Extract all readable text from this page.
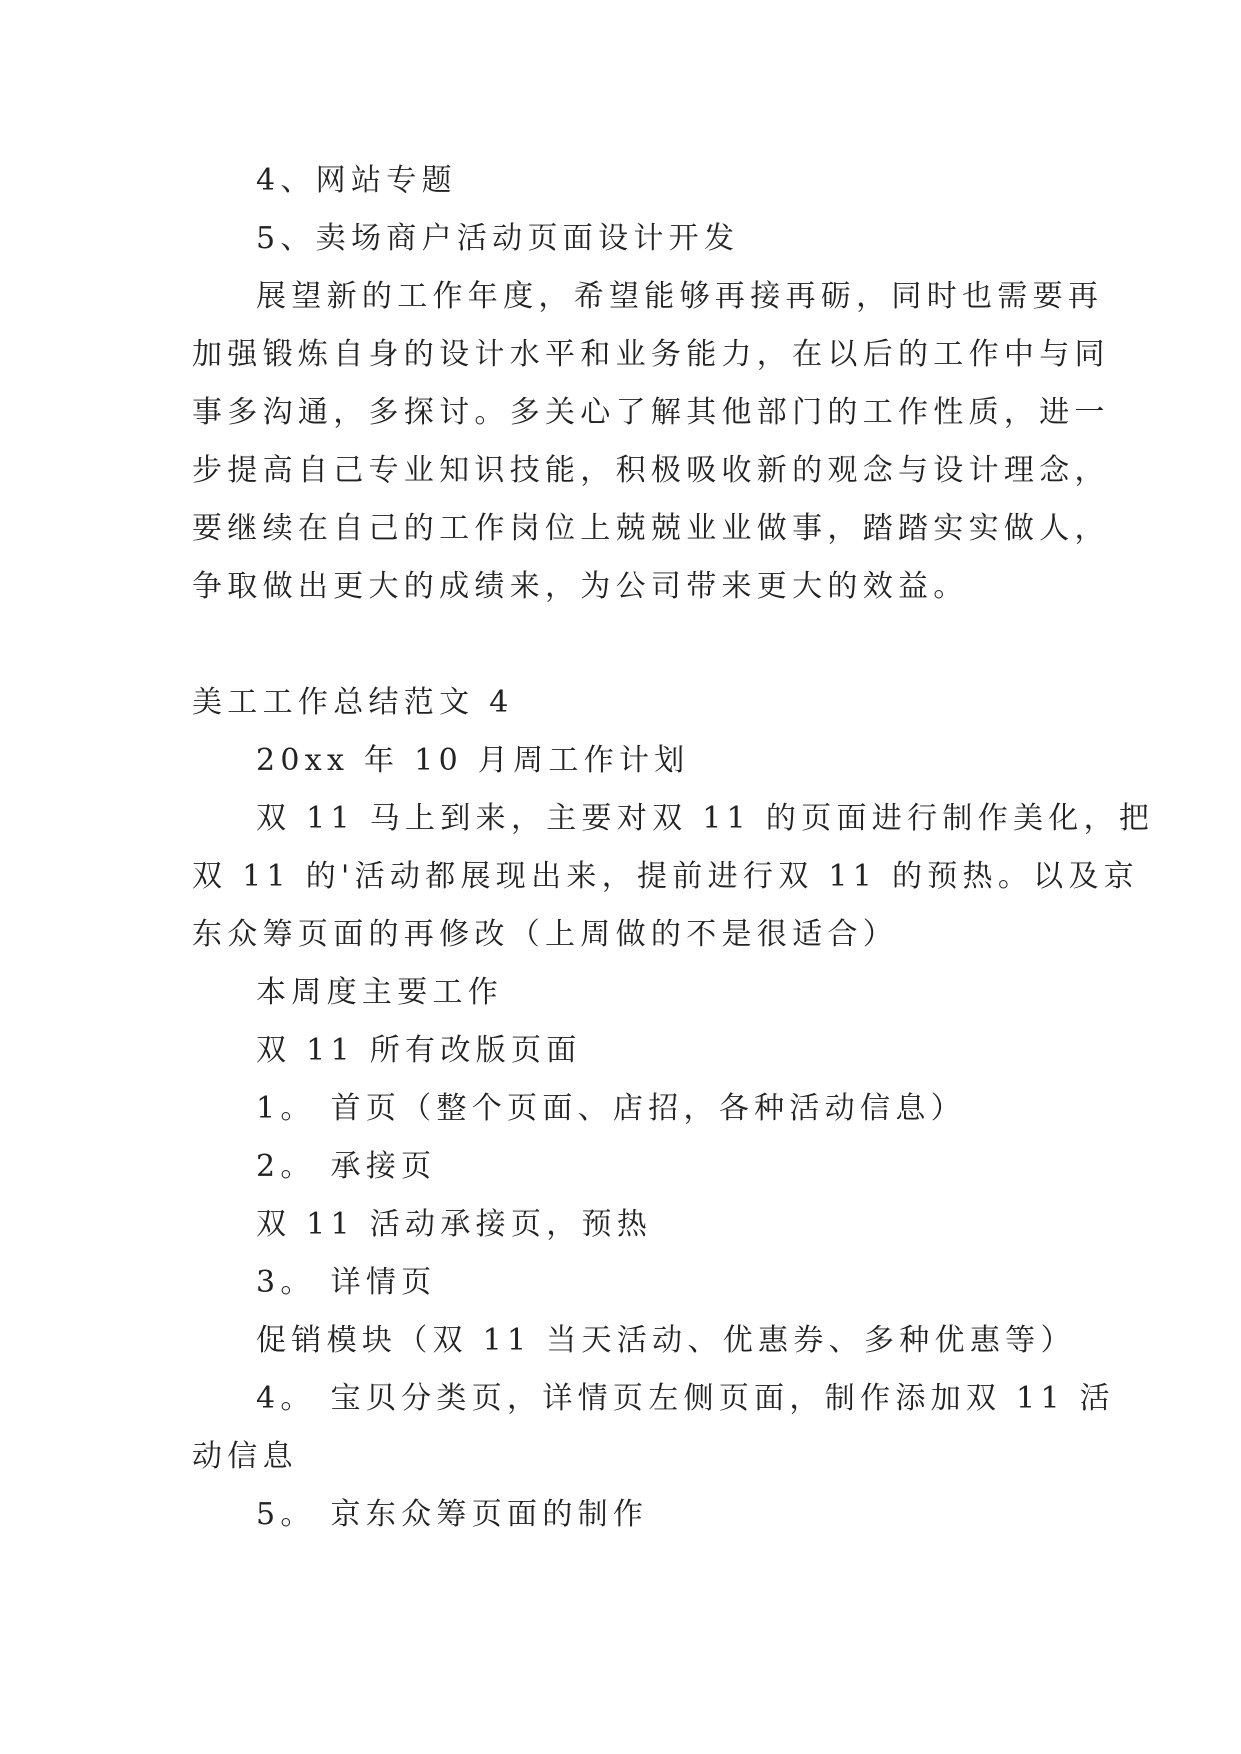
4、网站专题

5、卖场商户活动页面设计开发

展望新的工作年度，希望能够再接再砺，同时也需要再

加强锻炼自身的设计水平和业务能力，在以后的工作中与同

事多沟通，多探讨。多关心了解其他部门的工作性质，进一

步提高自己专业知识技能，积极吸收新的观念与设计理念，

要继续在自己的工作岗位上兢兢业业做事，踏踏实实做人，

争取做出更大的成绩来，为公司带来更大的效益。

美工工作总结范文 4

20xx 年 10 月周工作计划

双 11 马上到来，主要对双 11 的页面进行制作美化，把

双 11 的'活动都展现出来，提前进行双 11 的预热。以及京

东众筹页面的再修改（上周做的不是很适合）

本周度主要工作

双 11 所有改版页面

1。 首页（整个页面、店招，各种活动信息）

2。 承接页

双 11 活动承接页，预热

3。 详情页

促销模块（双 11 当天活动、优惠券、多种优惠等）

4。 宝贝分类页，详情页左侧页面，制作添加双 11 活

动信息

5。 京东众筹页面的制作
